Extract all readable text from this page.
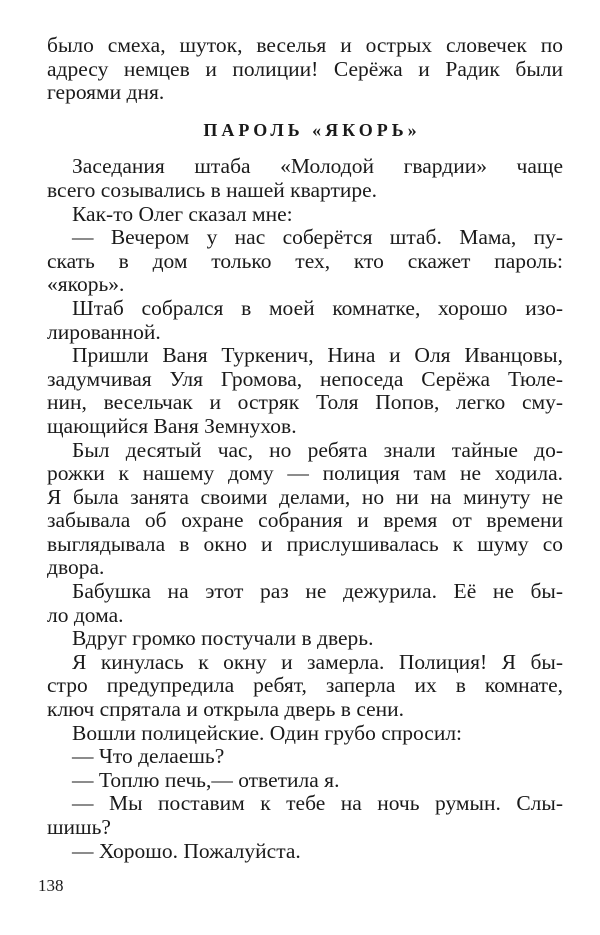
было смеха, шуток, веселья и острых словечек по
адресу немцев и полиции! Серёжа и Радик были
героями дня.
ПАРОЛЬ «ЯКОРЬ»
Заседания штаба «Молодой гвардии» чаще
всего созывались в нашей квартире.
Как-то Олег сказал мне:
— Вечером у нас соберётся штаб. Мама, пу-
скать в дом только тех, кто скажет пароль:
«якорь».
Штаб собрался в моей комнатке, хорошо изо-
лированной.
Пришли Ваня Туркенич, Нина и Оля Иванцовы,
задумчивая Уля Громова, непоседа Серёжа Тюле-
нин, весельчак и остряк Толя Попов, легко сму-
щающийся Ваня Земнухов.
Был десятый час, но ребята знали тайные до-
рожки к нашему дому — полиция там не ходила.
Я была занята своими делами, но ни на минуту не
забывала об охране собрания и время от времени
выглядывала в окно и прислушивалась к шуму со
двора.
Бабушка на этот раз не дежурила. Её не бы-
ло дома.
Вдруг громко постучали в дверь.
Я кинулась к окну и замерла. Полиция! Я бы-
стро предупредила ребят, заперла их в комнате,
ключ спрятала и открыла дверь в сени.
Вошли полицейские. Один грубо спросил:
— Что делаешь?
— Топлю печь,— ответила я.
— Мы поставим к тебе на ночь румын. Слы-
шишь?
— Хорошо. Пожалуйста.
138
